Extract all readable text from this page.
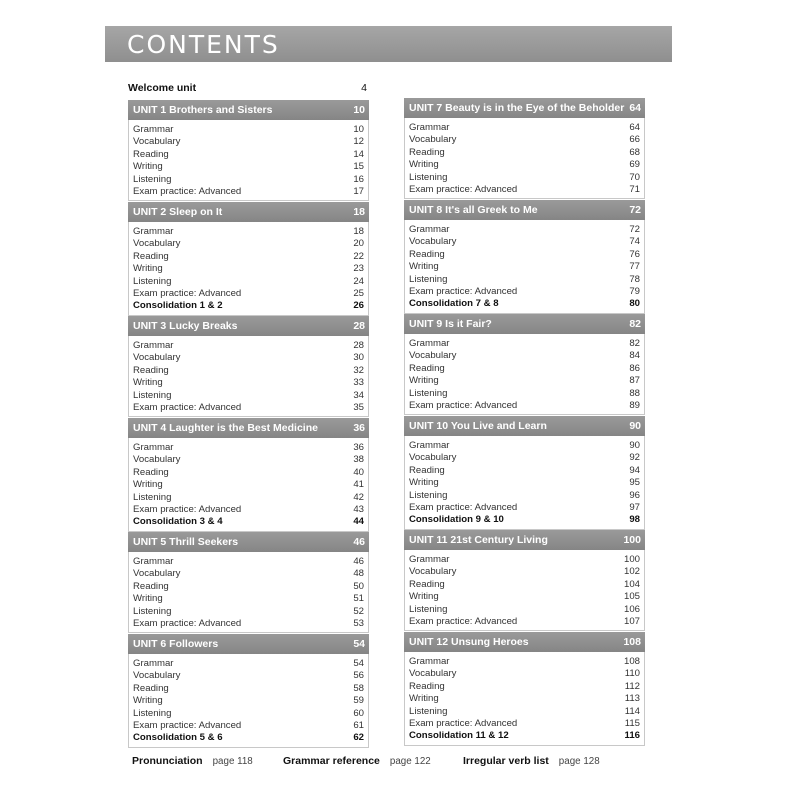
CONTENTS
Welcome unit	4
UNIT 1 Brothers and Sisters	10
Grammar	10
Vocabulary	12
Reading	14
Writing	15
Listening	16
Exam practice: Advanced	17
UNIT 2 Sleep on It	18
Grammar	18
Vocabulary	20
Reading	22
Writing	23
Listening	24
Exam practice: Advanced	25
Consolidation 1 & 2	26
UNIT 3 Lucky Breaks	28
Grammar	28
Vocabulary	30
Reading	32
Writing	33
Listening	34
Exam practice: Advanced	35
UNIT 4 Laughter is the Best Medicine	36
Grammar	36
Vocabulary	38
Reading	40
Writing	41
Listening	42
Exam practice: Advanced	43
Consolidation 3 & 4	44
UNIT 5 Thrill Seekers	46
Grammar	46
Vocabulary	48
Reading	50
Writing	51
Listening	52
Exam practice: Advanced	53
UNIT 6 Followers	54
Grammar	54
Vocabulary	56
Reading	58
Writing	59
Listening	60
Exam practice: Advanced	61
Consolidation 5 & 6	62
UNIT 7 Beauty is in the Eye of the Beholder 64
Grammar	64
Vocabulary	66
Reading	68
Writing	69
Listening	70
Exam practice: Advanced	71
UNIT 8 It's all Greek to Me	72
Grammar	72
Vocabulary	74
Reading	76
Writing	77
Listening	78
Exam practice: Advanced	79
Consolidation 7 & 8	80
UNIT 9 Is it Fair?	82
Grammar	82
Vocabulary	84
Reading	86
Writing	87
Listening	88
Exam practice: Advanced	89
UNIT 10 You Live and Learn	90
Grammar	90
Vocabulary	92
Reading	94
Writing	95
Listening	96
Exam practice: Advanced	97
Consolidation 9 & 10	98
UNIT 11 21st Century Living	100
Grammar	100
Vocabulary	102
Reading	104
Writing	105
Listening	106
Exam practice: Advanced	107
UNIT 12 Unsung Heroes	108
Grammar	108
Vocabulary	110
Reading	112
Writing	113
Listening	114
Exam practice: Advanced	115
Consolidation 11 & 12	116
Pronunciation page 118	Grammar reference page 122	Irregular verb list page 128
